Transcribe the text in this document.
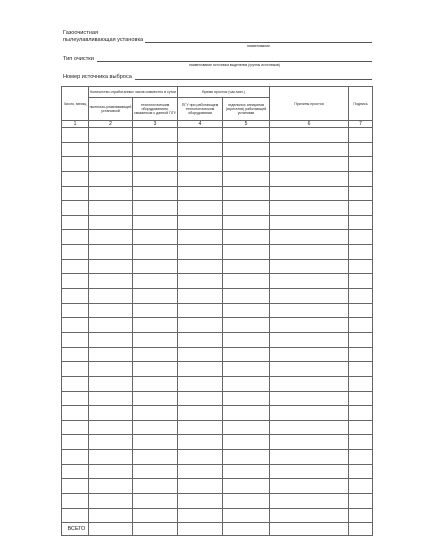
Газоочистная
пылеулавливающая установка
наименование
Тип очистки
наименование источника выделения (группы источников)
Номер источника выброса
Число, месяц	Количество отработанных часов совместно в сутки		Время простоя (час.мин.)		Причины простоя	Подпись
	пылегазо-улавливающей установкой	технологическим оборудованием, связанным с данной ПГУ	ПГУ при работающем технологическом оборудовании	отдельных аппаратов (агрегатов) работающей установки		
1	2	3	4	5	6	7

ВСЕГО						
